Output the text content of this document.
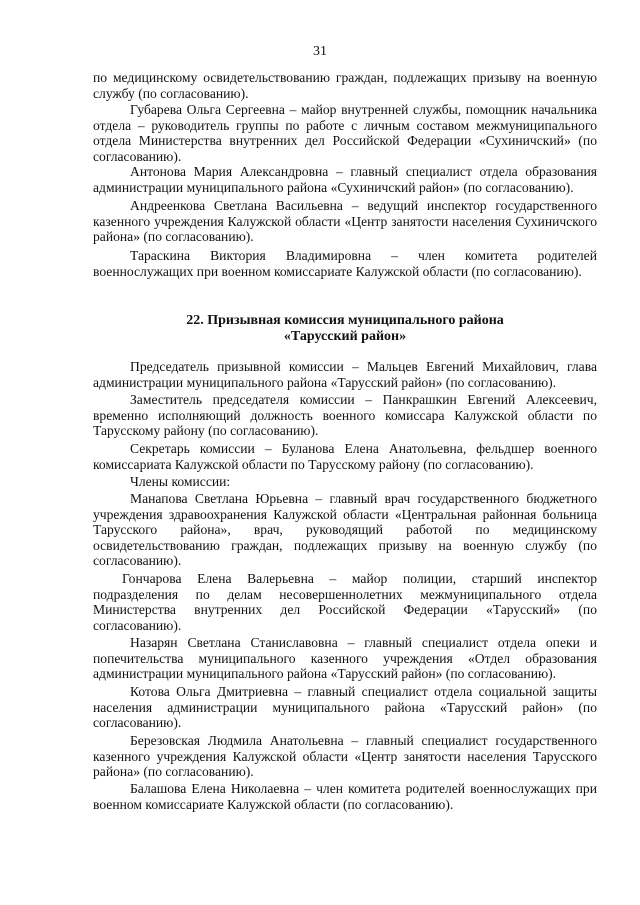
31

по медицинскому освидетельствованию граждан, подлежащих призыву на военную службу (по согласованию).

Губарева Ольга Сергеевна – майор внутренней службы, помощник начальника отдела – руководитель группы по работе с личным составом межмуниципального отдела Министерства внутренних дел Российской Федерации «Сухиничский» (по согласованию).

Антонова Мария Александровна – главный специалист отдела образования администрации муниципального района «Сухиничский район» (по согласованию).

Андреенкова Светлана Васильевна – ведущий инспектор государственного казенного учреждения Калужской области «Центр занятости населения Сухиничского района» (по согласованию).

Тараскина Виктория Владимировна – член комитета родителей военнослужащих при военном комиссариате Калужской области (по согласованию).

22. Призывная комиссия муниципального района
«Тарусский район»

Председатель призывной комиссии – Мальцев Евгений Михайлович, глава администрации муниципального района «Тарусский район» (по согласованию).

Заместитель председателя комиссии – Панкрашкин Евгений Алексеевич, временно исполняющий должность военного комиссара Калужской области по Тарусскому району (по согласованию).

Секретарь комиссии – Буланова Елена Анатольевна, фельдшер военного комиссариата Калужской области по Тарусскому району (по согласованию).

Члены комиссии:

Манапова Светлана Юрьевна – главный врач государственного бюджетного учреждения здравоохранения Калужской области «Центральная районная больница Тарусского района», врач, руководящий работой по медицинскому освидетельствованию граждан, подлежащих призыву на военную службу (по согласованию).

Гончарова Елена Валерьевна – майор полиции, старший инспектор подразделения по делам несовершеннолетних межмуниципального отдела Министерства внутренних дел Российской Федерации «Тарусский» (по согласованию).

Назарян Светлана Станиславовна – главный специалист отдела опеки и попечительства муниципального казенного учреждения «Отдел образования администрации муниципального района «Тарусский район» (по согласованию).

Котова Ольга Дмитриевна – главный специалист отдела социальной защиты населения администрации муниципального района «Тарусский район» (по согласованию).

Березовская Людмила Анатольевна – главный специалист государственного казенного учреждения Калужской области «Центр занятости населения Тарусского района» (по согласованию).

Балашова Елена Николаевна – член комитета родителей военнослужащих при военном комиссариате Калужской области (по согласованию).
